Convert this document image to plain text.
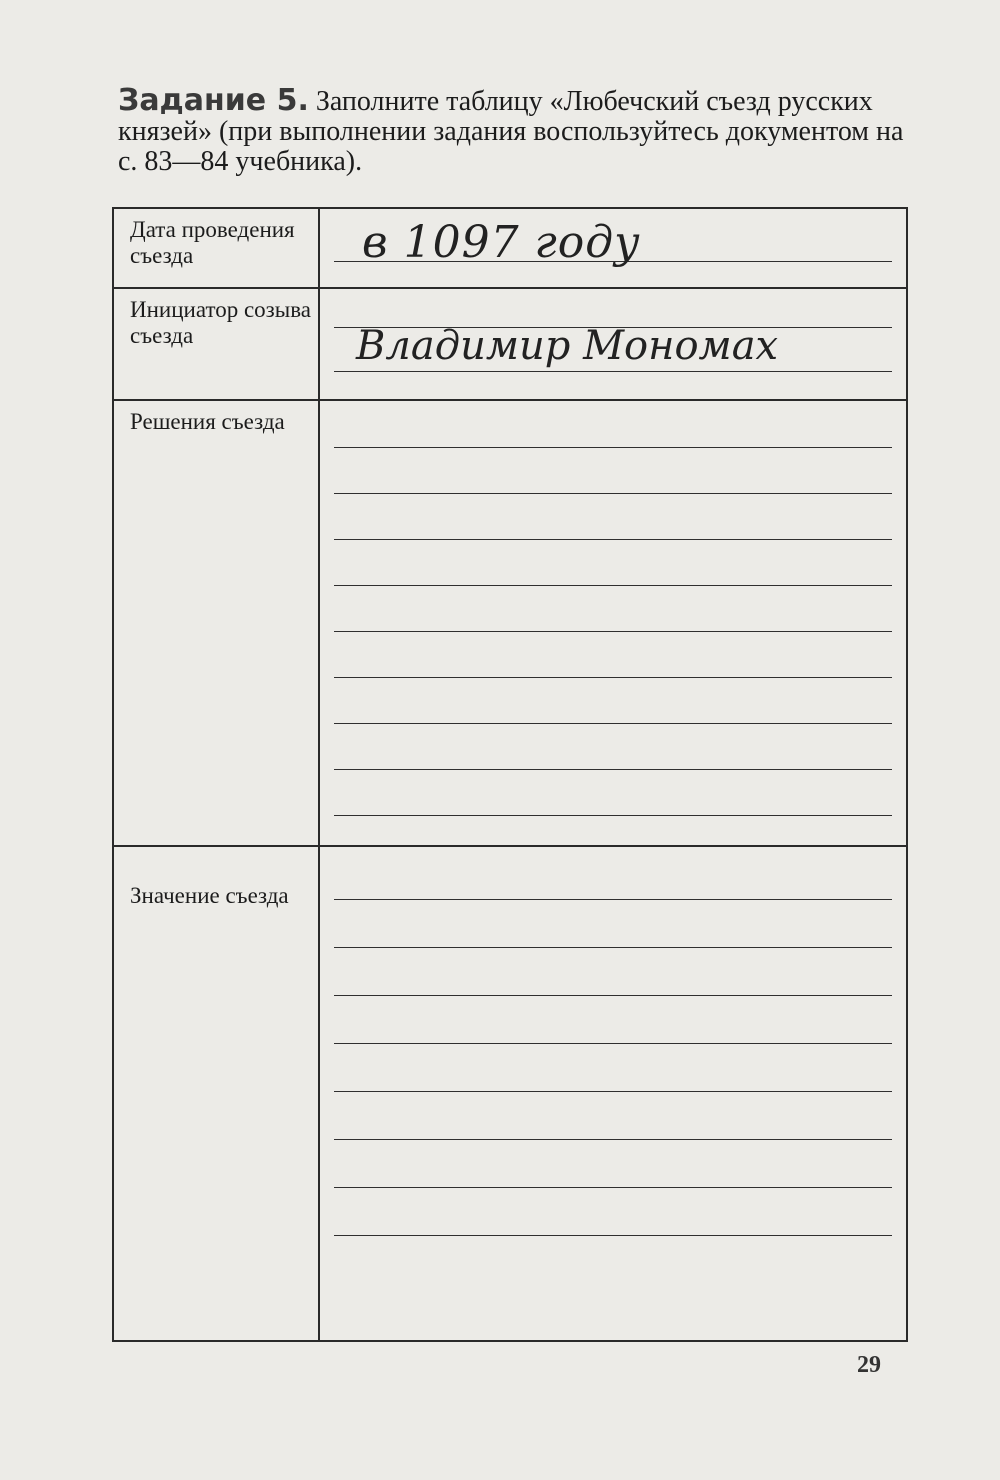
Задание 5. Заполните таблицу «Любечский съезд русских князей» (при выполнении задания воспользуйтесь документом на с. 83—84 учебника).
Дата проведения съезда	в 1097 году

Инициатор созыва съезда	Владимир Мономах

Решения съезда	

Значение съезда	
29
